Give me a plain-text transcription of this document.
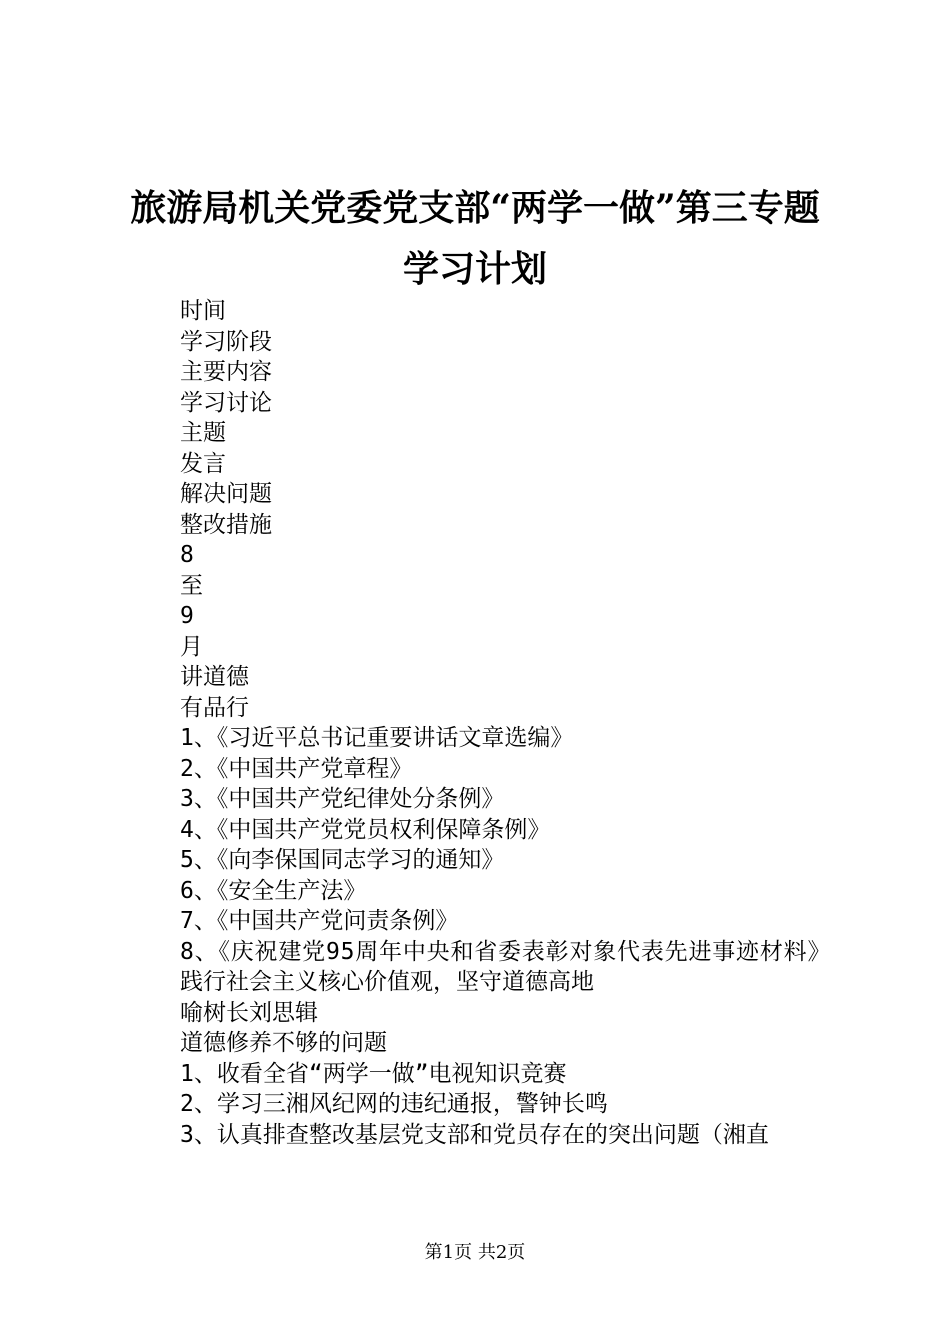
旅游局机关党委党支部“两学一做”第三专题
学习计划
时间
学习阶段
主要内容
学习讨论
主题
发言
解决问题
整改措施
8
至
9
月
讲道德
有品行
1、《习近平总书记重要讲话文章选编》
2、《中国共产党章程》
3、《中国共产党纪律处分条例》
4、《中国共产党党员权利保障条例》
5、《向李保国同志学习的通知》
6、《安全生产法》
7、《中国共产党问责条例》
8、《庆祝建党95周年中央和省委表彰对象代表先进事迹材料》
践行社会主义核心价值观，坚守道德高地
喻树长刘思辑
道德修养不够的问题
1、收看全省“两学一做”电视知识竞赛
2、学习三湘风纪网的违纪通报，警钟长鸣
3、认真排查整改基层党支部和党员存在的突出问题（湘直
第1页 共2页
